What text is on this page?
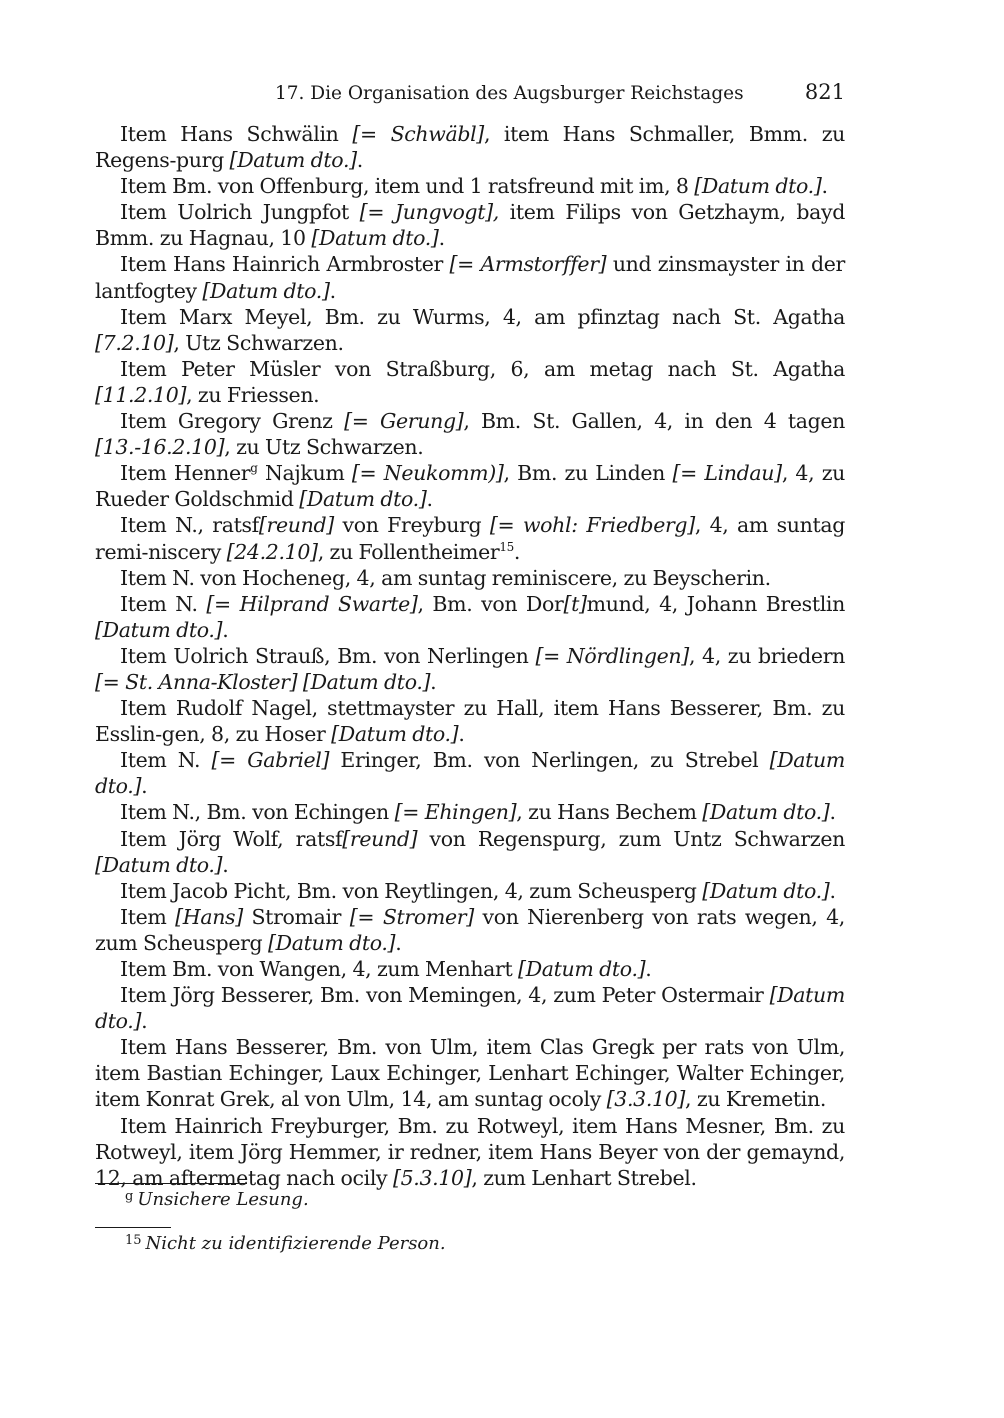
17. Die Organisation des Augsburger Reichstages	821

Item Hans Schwälin [= Schwäbl], item Hans Schmaller, Bmm. zu Regens-purg [Datum dto.].

Item Bm. von Offenburg, item und 1 ratsfreund mit im, 8 [Datum dto.].

Item Uolrich Jungpfot [= Jungvogt], item Filips von Getzhaym, bayd Bmm. zu Hagnau, 10 [Datum dto.].

Item Hans Hainrich Armbroster [= Armstorffer] und zinsmayster in der lantfogtey [Datum dto.].

Item Marx Meyel, Bm. zu Wurms, 4, am pfinztag nach St. Agatha [7.2.10], Utz Schwarzen.

Item Peter Müsler von Straßburg, 6, am metag nach St. Agatha [11.2.10], zu Friessen.

Item Gregory Grenz [= Gerung], Bm. St. Gallen, 4, in den 4 tagen [13.-16.2.10], zu Utz Schwarzen.

Item Henner$^g$ Najkum [= Neukomm)], Bm. zu Linden [= Lindau], 4, zu Rueder Goldschmid [Datum dto.].

Item N., ratsf[reund] von Freyburg [= wohl: Friedberg], 4, am suntag remi-niscery [24.2.10], zu Follentheimer$^{15}$.

Item N. von Hocheneg, 4, am suntag reminiscere, zu Beyscherin.

Item N. [= Hilprand Swarte], Bm. von Dor[t]mund, 4, Johann Brestlin [Datum dto.].

Item Uolrich Strauß, Bm. von Nerlingen [= Nördlingen], 4, zu briedern [= St. Anna-Kloster] [Datum dto.].

Item Rudolf Nagel, stettmayster zu Hall, item Hans Besserer, Bm. zu Esslin-gen, 8, zu Hoser [Datum dto.].

Item N. [= Gabriel] Eringer, Bm. von Nerlingen, zu Strebel [Datum dto.].

Item N., Bm. von Echingen [= Ehingen], zu Hans Bechem [Datum dto.].

Item Jörg Wolf, ratsf[reund] von Regenspurg, zum Untz Schwarzen [Datum dto.].

Item Jacob Picht, Bm. von Reytlingen, 4, zum Scheusperg [Datum dto.].

Item [Hans] Stromair [= Stromer] von Nierenberg von rats wegen, 4, zum Scheusperg [Datum dto.].

Item Bm. von Wangen, 4, zum Menhart [Datum dto.].

Item Jörg Besserer, Bm. von Memingen, 4, zum Peter Ostermair [Datum dto.].

Item Hans Besserer, Bm. von Ulm, item Clas Gregk per rats von Ulm, item Bastian Echinger, Laux Echinger, Lenhart Echinger, Walter Echinger, item Konrat Grek, al von Ulm, 14, am suntag ocoly [3.3.10], zu Kremetin.

Item Hainrich Freyburger, Bm. zu Rotweyl, item Hans Mesner, Bm. zu Rotweyl, item Jörg Hemmer, ir redner, item Hans Beyer von der gemaynd, 12, am aftermetag nach ocily [5.3.10], zum Lenhart Strebel.

$^g$ Unsichere Lesung.

$^{15}$ Nicht zu identifizierende Person.
